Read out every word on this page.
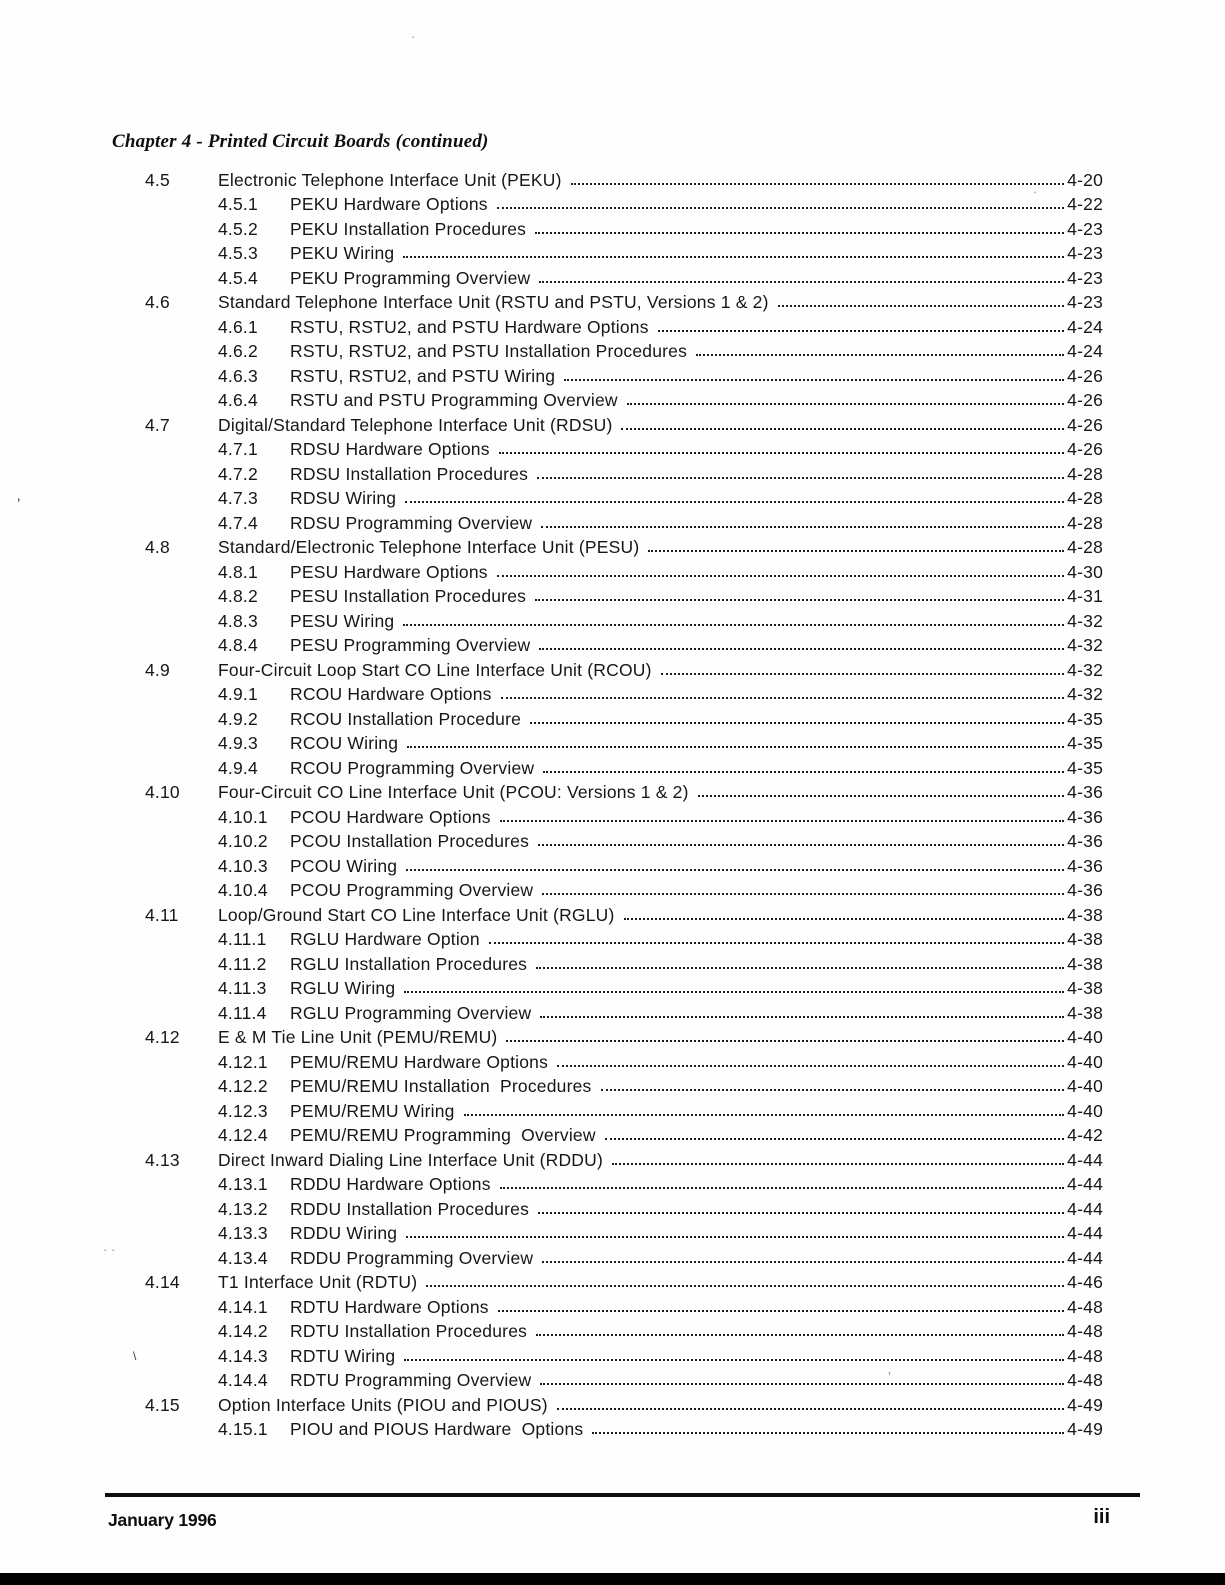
Chapter 4 - Printed Circuit Boards (continued)
4.5	Electronic Telephone Interface Unit (PEKU)	4-20
4.5.1	PEKU Hardware Options	4-22
4.5.2	PEKU Installation Procedures	4-23
4.5.3	PEKU Wiring	4-23
4.5.4	PEKU Programming Overview	4-23
4.6	Standard Telephone Interface Unit (RSTU and PSTU, Versions 1 & 2)	4-23
4.6.1	RSTU, RSTU2, and PSTU Hardware Options	4-24
4.6.2	RSTU, RSTU2, and PSTU Installation Procedures	4-24
4.6.3	RSTU, RSTU2, and PSTU Wiring	4-26
4.6.4	RSTU and PSTU Programming Overview	4-26
4.7	Digital/Standard Telephone Interface Unit (RDSU)	4-26
4.7.1	RDSU Hardware Options	4-26
4.7.2	RDSU Installation Procedures	4-28
4.7.3	RDSU Wiring	4-28
4.7.4	RDSU Programming Overview	4-28
4.8	Standard/Electronic Telephone Interface Unit (PESU)	4-28
4.8.1	PESU Hardware Options	4-30
4.8.2	PESU Installation Procedures	4-31
4.8.3	PESU Wiring	4-32
4.8.4	PESU Programming Overview	4-32
4.9	Four-Circuit Loop Start CO Line Interface Unit (RCOU)	4-32
4.9.1	RCOU Hardware Options	4-32
4.9.2	RCOU Installation Procedure	4-35
4.9.3	RCOU Wiring	4-35
4.9.4	RCOU Programming Overview	4-35
4.10	Four-Circuit CO Line Interface Unit (PCOU: Versions 1 & 2)	4-36
4.10.1	PCOU Hardware Options	4-36
4.10.2	PCOU Installation Procedures	4-36
4.10.3	PCOU Wiring	4-36
4.10.4	PCOU Programming Overview	4-36
4.11	Loop/Ground Start CO Line Interface Unit (RGLU)	4-38
4.11.1	RGLU Hardware Option	4-38
4.11.2	RGLU Installation Procedures	4-38
4.11.3	RGLU Wiring	4-38
4.11.4	RGLU Programming Overview	4-38
4.12	E & M Tie Line Unit (PEMU/REMU)	4-40
4.12.1	PEMU/REMU Hardware Options	4-40
4.12.2	PEMU/REMU Installation  Procedures	4-40
4.12.3	PEMU/REMU Wiring	4-40
4.12.4	PEMU/REMU Programming  Overview	4-42
4.13	Direct Inward Dialing Line Interface Unit (RDDU)	4-44
4.13.1	RDDU Hardware Options	4-44
4.13.2	RDDU Installation Procedures	4-44
4.13.3	RDDU Wiring	4-44
4.13.4	RDDU Programming Overview	4-44
4.14	T1 Interface Unit (RDTU)	4-46
4.14.1	RDTU Hardware Options	4-48
4.14.2	RDTU Installation Procedures	4-48
4.14.3	RDTU Wiring	4-48
4.14.4	RDTU Programming Overview	4-48
4.15	Option Interface Units (PIOU and PIOUS)	4-49
4.15.1	PIOU and PIOUS Hardware  Options	4-49
January 1996	iii
‚
·
ˋ
· ·
\
’
